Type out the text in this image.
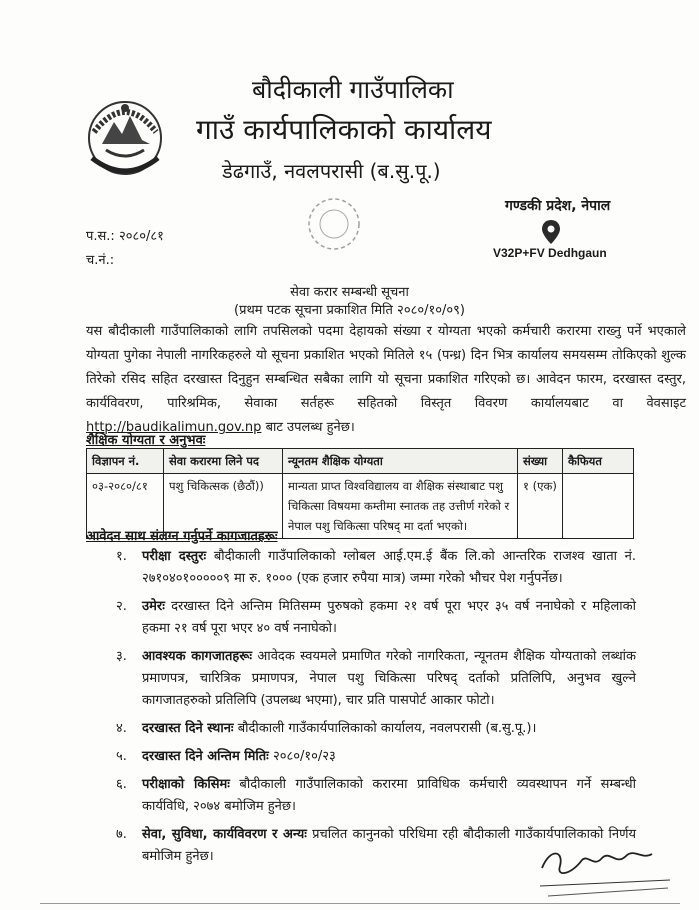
बौदीकाली गाउँपालिका
गाउँ कार्यपालिकाको कार्यालय
डेढगाउँ, नवलपरासी (ब.सु.पू.)
गण्डकी प्रदेश, नेपाल
V32P+FV Dedhgaun
प.स.: २०८०/८१
च.नं.:
सेवा करार सम्बन्धी सूचना
(प्रथम पटक सूचना प्रकाशित मिति २०८०/१०/०९)
यस बौदीकाली गाउँपालिकाको लागि तपसिलको पदमा देहायको संख्या र योग्यता भएको कर्मचारी करारमा राख्नु पर्ने भएकाले योग्यता पुगेका नेपाली नागरिकहरुले यो सूचना प्रकाशित भएको मितिले १५ (पन्ध्र) दिन भित्र कार्यालय समयसम्म तोकिएको शुल्क तिरेको रसिद सहित दरखास्त दिनुहुन सम्बन्धित सबैका लागि यो सूचना प्रकाशित गरिएको छ। आवेदन फारम, दरखास्त दस्तुर, कार्यविवरण, पारिश्रमिक, सेवाका सर्तहरू सहितको विस्तृत विवरण कार्यालयबाट वा वेवसाइट http://baudikalimun.gov.np बाट उपलब्ध हुनेछ।
शैक्षिक योग्यता र अनुभवः
विज्ञापन नं.	सेवा करारमा लिने पद	न्यूनतम शैक्षिक योग्यता	संख्या	कैफियत
०३-२०८०/८१	पशु चिकित्सक (छैठौं))	मान्यता प्राप्त विश्वविद्यालय वा शैक्षिक संस्थाबाट पशु चिकित्सा विषयमा कम्तीमा स्नातक तह उत्तीर्ण गरेको र नेपाल पशु चिकित्सा परिषद् मा दर्ता भएको।	१ (एक)	
आवेदन साथ संलग्न गर्नुपर्ने कागजातहरूः
१.	परीक्षा दस्तुरः बौदीकाली गाउँपालिकाको ग्लोबल आई.एम.ई बैंक लि.को आन्तरिक राजश्व खाता नं. २७१०४०१०००००९ मा रु. १००० (एक हजार रुपैया मात्र) जम्मा गरेको भौचर पेश गर्नुपर्नेछ।
२.	उमेरः दरखास्त दिने अन्तिम मितिसम्म पुरुषको हकमा २१ वर्ष पूरा भएर ३५ वर्ष ननाघेको र महिलाको हकमा २१ वर्ष पूरा भएर ४० वर्ष ननाघेको।
३.	आवश्यक कागजातहरूः आवेदक स्वयमले प्रमाणित गरेको नागरिकता, न्यूनतम शैक्षिक योग्यताको लब्धांक प्रमाणपत्र, चारित्रिक प्रमाणपत्र, नेपाल पशु चिकित्सा परिषद् दर्ताको प्रतिलिपि, अनुभव खुल्ने कागजातहरुको प्रतिलिपि (उपलब्ध भएमा), चार प्रति पासपोर्ट आकार फोटो।
४.	दरखास्त दिने स्थानः बौदीकाली गाउँकार्यपालिकाको कार्यालय, नवलपरासी (ब.सु.पू.)।
५.	दरखास्त दिने अन्तिम मितिः २०८०/१०/२३
६.	परीक्षाको किसिमः बौदीकाली गाउँपालिकाको करारमा प्राविधिक कर्मचारी व्यवस्थापन गर्ने सम्बन्धी कार्यविधि, २०७४ बमोजिम हुनेछ।
७.	सेवा, सुविधा, कार्यविवरण र अन्यः प्रचलित कानुनको परिधिमा रही बौदीकाली गाउँकार्यपालिकाको निर्णय बमोजिम हुनेछ।
